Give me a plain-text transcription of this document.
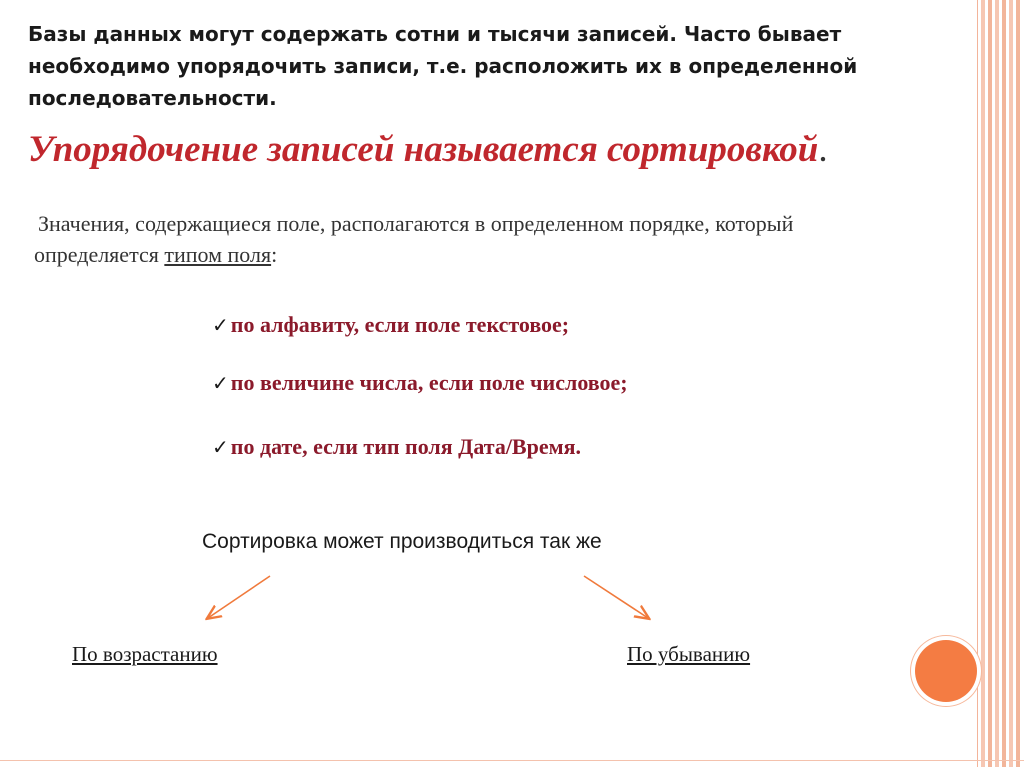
Базы данных могут содержать сотни и тысячи записей. Часто бывает необходимо упорядочить записи, т.е. расположить их в определенной последовательности.

Упорядочение записей называется сортировкой.

Значения, содержащиеся поле, располагаются в определенном порядке, который определяется типом поля:

✓по алфавиту, если поле текстовое;
✓по величине числа, если поле числовое;
✓по дате, если тип поля Дата/Время.
Сортировка может производиться так же
По возрастанию	По убыванию
